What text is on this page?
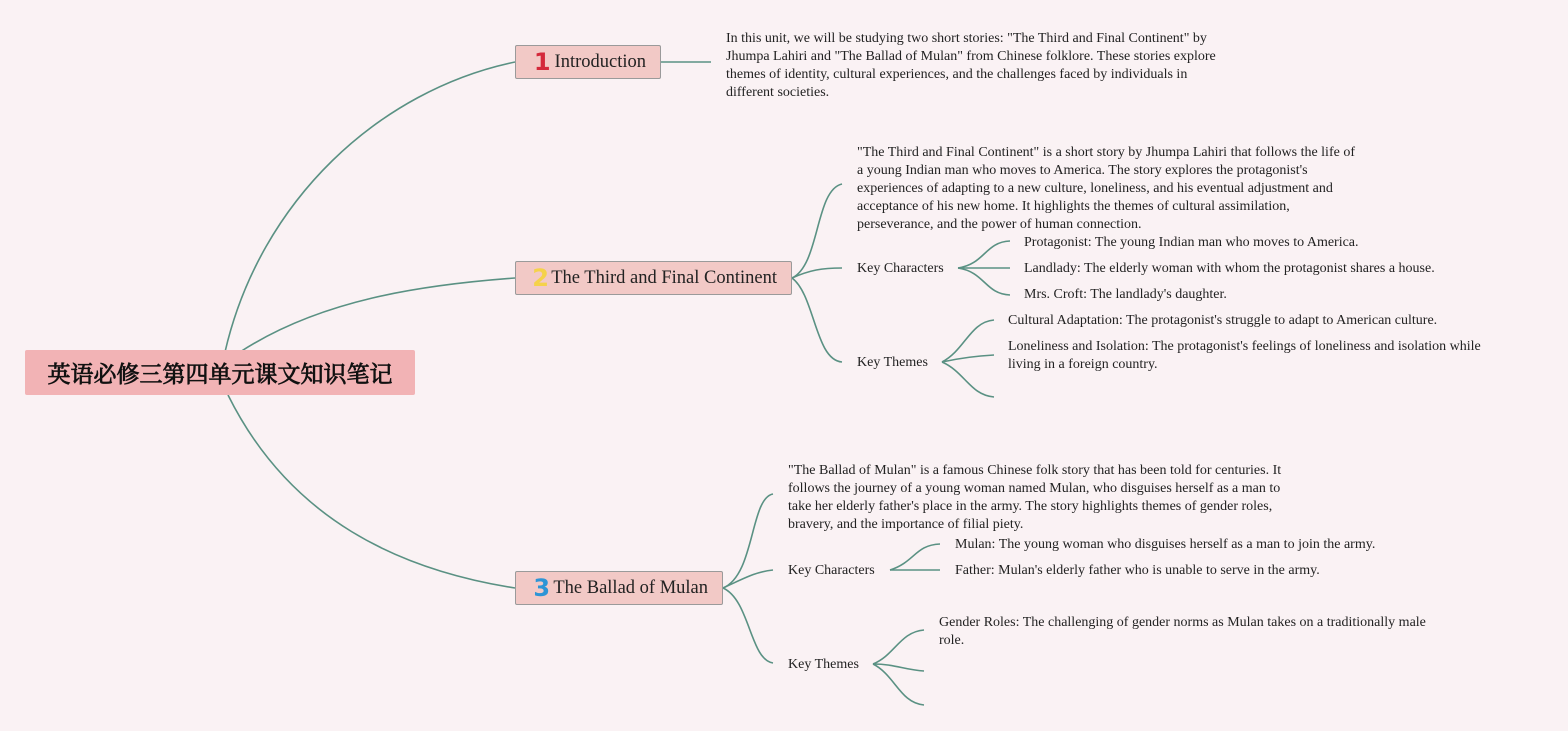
英语必修三第四单元课文知识笔记
1 Introduction
In this unit, we will be studying two short stories: "The Third and Final Continent" by Jhumpa Lahiri and "The Ballad of Mulan" from Chinese folklore. These stories explore themes of identity, cultural experiences, and the challenges faced by individuals in different societies.
2 The Third and Final Continent
"The Third and Final Continent" is a short story by Jhumpa Lahiri that follows the life of a young Indian man who moves to America. The story explores the protagonist's experiences of adapting to a new culture, loneliness, and his eventual adjustment and acceptance of his new home. It highlights the themes of cultural assimilation, perseverance, and the power of human connection.
Key Characters
Protagonist: The young Indian man who moves to America.
Landlady: The elderly woman with whom the protagonist shares a house.
Mrs. Croft: The landlady's daughter.
Key Themes
Cultural Adaptation: The protagonist's struggle to adapt to American culture.
Loneliness and Isolation: The protagonist's feelings of loneliness and isolation while living in a foreign country.
3 The Ballad of Mulan
"The Ballad of Mulan" is a famous Chinese folk story that has been told for centuries. It follows the journey of a young woman named Mulan, who disguises herself as a man to take her elderly father's place in the army. The story highlights themes of gender roles, bravery, and the importance of filial piety.
Key Characters
Mulan: The young woman who disguises herself as a man to join the army.
Father: Mulan's elderly father who is unable to serve in the army.
Key Themes
Gender Roles: The challenging of gender norms as Mulan takes on a traditionally male role.
